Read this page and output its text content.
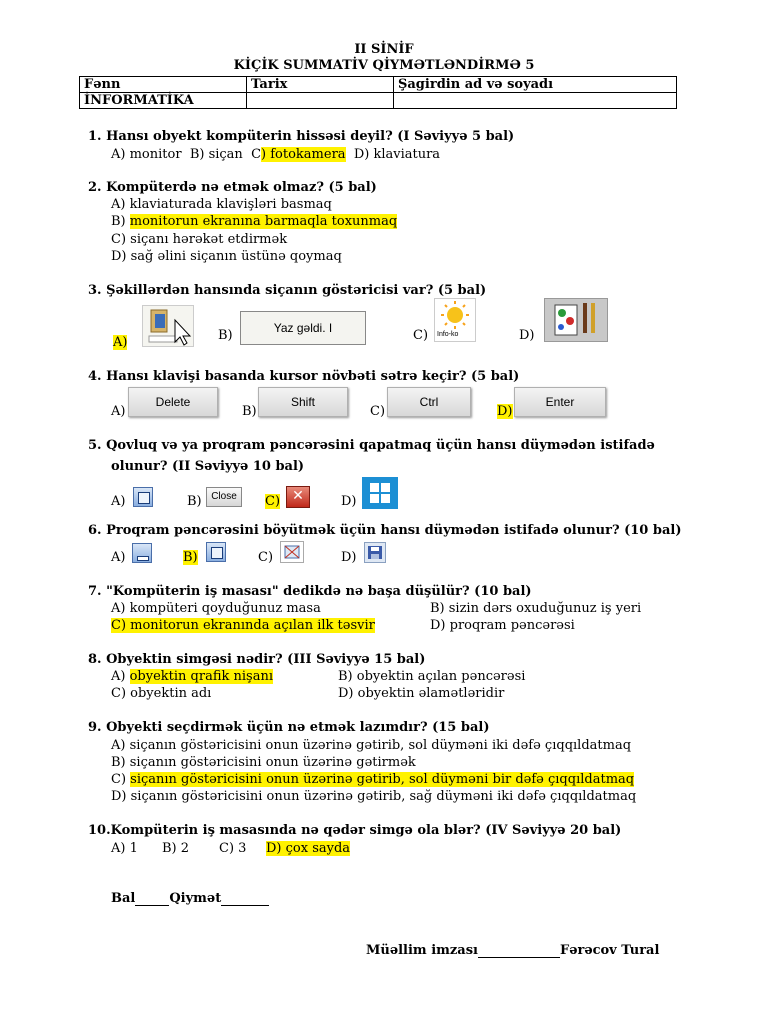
II SİNİF
KİÇİK SUMMATİV QİYMƏTLƏNDİRMƏ 5
Fənn	Tarix	Şagirdin ad və soyadı
İNFORMATİKA		
1. Hansı obyekt kompüterin hissəsi deyil? (I Səviyyə 5 bal)
A) monitor B) siçan C) fotokamera D) klaviatura
2. Kompüterdə nə etmək olmaz? (5 bal)
A) klaviaturada klavişləri basmaq
B) monitorun ekranına barmaqla toxunmaq
C) siçanı hərəkət etdirmək
D) sağ əlini siçanın üstünə qoymaq
3. Şəkillərdən hansında siçanın göstəricisi var? (5 bal)
A)	B)	Yaz gəldi. I	C) Info-ko	D)
4. Hansı klavişi basanda kursor növbəti sətrə keçir? (5 bal)
A)
Delete
B)
Shift
C)
Ctrl
D)
Enter
5. Qovluq və ya proqram pəncərəsini qapatmaq üçün hansı düymədən istifadə
olunur? (II Səviyyə 10 bal)
A)	B) Close	C) ✕	D)
6. Proqram pəncərəsini böyütmək üçün hansı düymədən istifadə olunur? (10 bal)
A)	B)	C)	D)
7. "Kompüterin iş masası" dedikdə nə başa düşülür? (10 bal)
A) kompüteri qoyduğunuz masa	B) sizin dərs oxuduğunuz iş yeri
C) monitorun ekranında açılan ilk təsvir	D) proqram pəncərəsi
8. Obyektin simgəsi nədir? (III Səviyyə 15 bal)
A) obyektin qrafik nişanı	B) obyektin açılan pəncərəsi
C) obyektin adı	D) obyektin əlamətləridir
9. Obyekti seçdirmək üçün nə etmək lazımdır? (15 bal)
A) siçanın göstəricisini onun üzərinə gətirib, sol düyməni iki dəfə çıqqıldatmaq
B) siçanın göstəricisini onun üzərinə gətirmək
C) siçanın göstəricisini onun üzərinə gətirib, sol düyməni bir dəfə çıqqıldatmaq
D) siçanın göstəricisini onun üzərinə gətirib, sağ düyməni iki dəfə çıqqıldatmaq
10.Kompüterin iş masasında nə qədər simgə ola blər? (IV Səviyyə 20 bal)
A) 1 B) 2 C) 3 D) çox sayda
Bal	Qiymət
Müəllim imzası	Fərəcov Tural
